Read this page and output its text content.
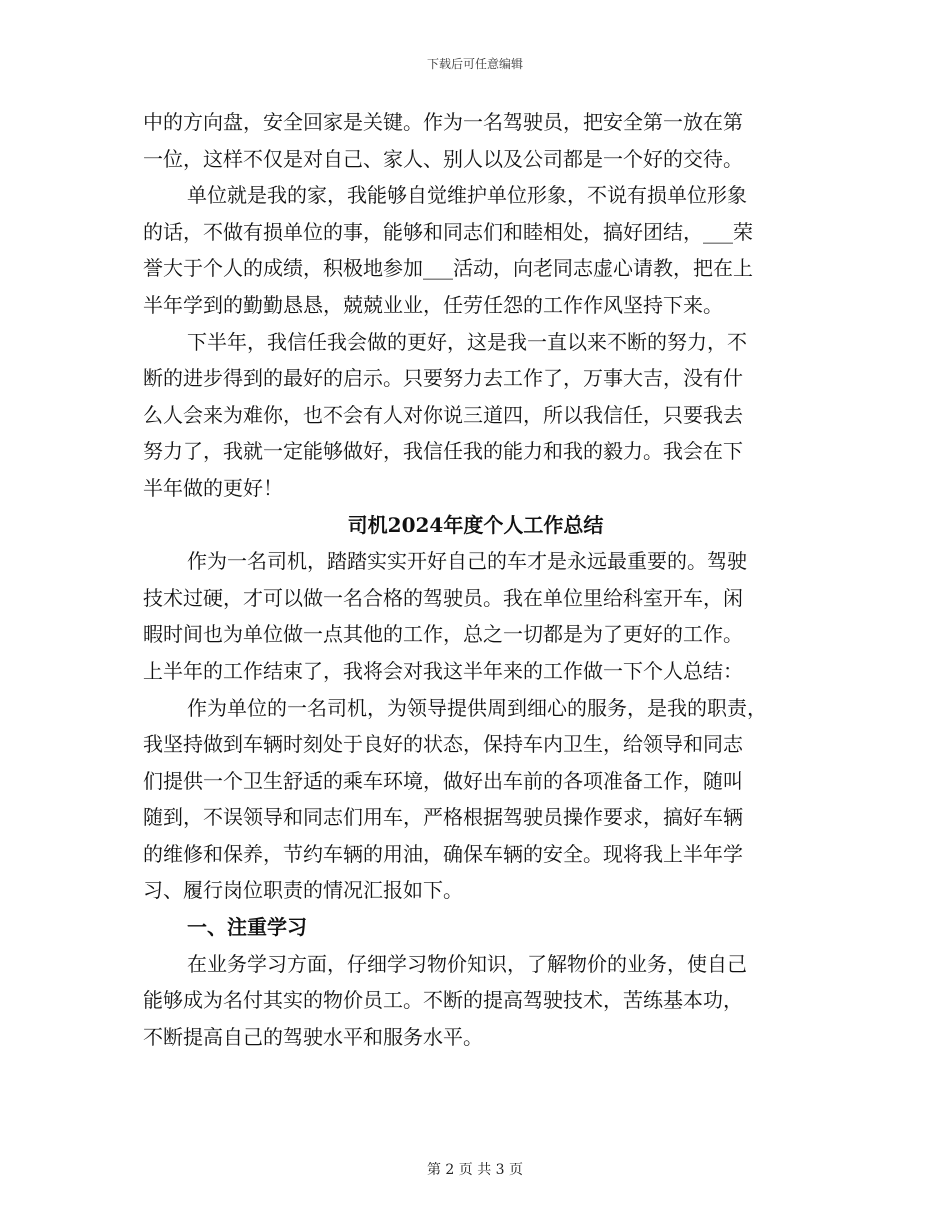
下载后可任意编辑
中的方向盘，安全回家是关键。作为一名驾驶员，把安全第一放在第
一位，这样不仅是对自己、家人、别人以及公司都是一个好的交待。
单位就是我的家，我能够自觉维护单位形象，不说有损单位形象
的话，不做有损单位的事，能够和同志们和睦相处，搞好团结，___荣
誉大于个人的成绩，积极地参加___活动，向老同志虚心请教，把在上
半年学到的勤勤恳恳，兢兢业业，任劳任怨的工作作风坚持下来。
下半年，我信任我会做的更好，这是我一直以来不断的努力，不
断的进步得到的最好的启示。只要努力去工作了，万事大吉，没有什
么人会来为难你，也不会有人对你说三道四，所以我信任，只要我去
努力了，我就一定能够做好，我信任我的能力和我的毅力。我会在下
半年做的更好！
司机2024年度个人工作总结
作为一名司机，踏踏实实开好自己的车才是永远最重要的。驾驶
技术过硬，才可以做一名合格的驾驶员。我在单位里给科室开车，闲
暇时间也为单位做一点其他的工作，总之一切都是为了更好的工作。
上半年的工作结束了，我将会对我这半年来的工作做一下个人总结：
作为单位的一名司机，为领导提供周到细心的服务，是我的职责，
我坚持做到车辆时刻处于良好的状态，保持车内卫生，给领导和同志
们提供一个卫生舒适的乘车环境，做好出车前的各项准备工作，随叫
随到，不误领导和同志们用车，严格根据驾驶员操作要求，搞好车辆
的维修和保养，节约车辆的用油，确保车辆的安全。现将我上半年学
习、履行岗位职责的情况汇报如下。
一、注重学习
在业务学习方面，仔细学习物价知识，了解物价的业务，使自己
能够成为名付其实的物价员工。不断的提高驾驶技术，苦练基本功，
不断提高自己的驾驶水平和服务水平。
第 2 页 共 3 页
